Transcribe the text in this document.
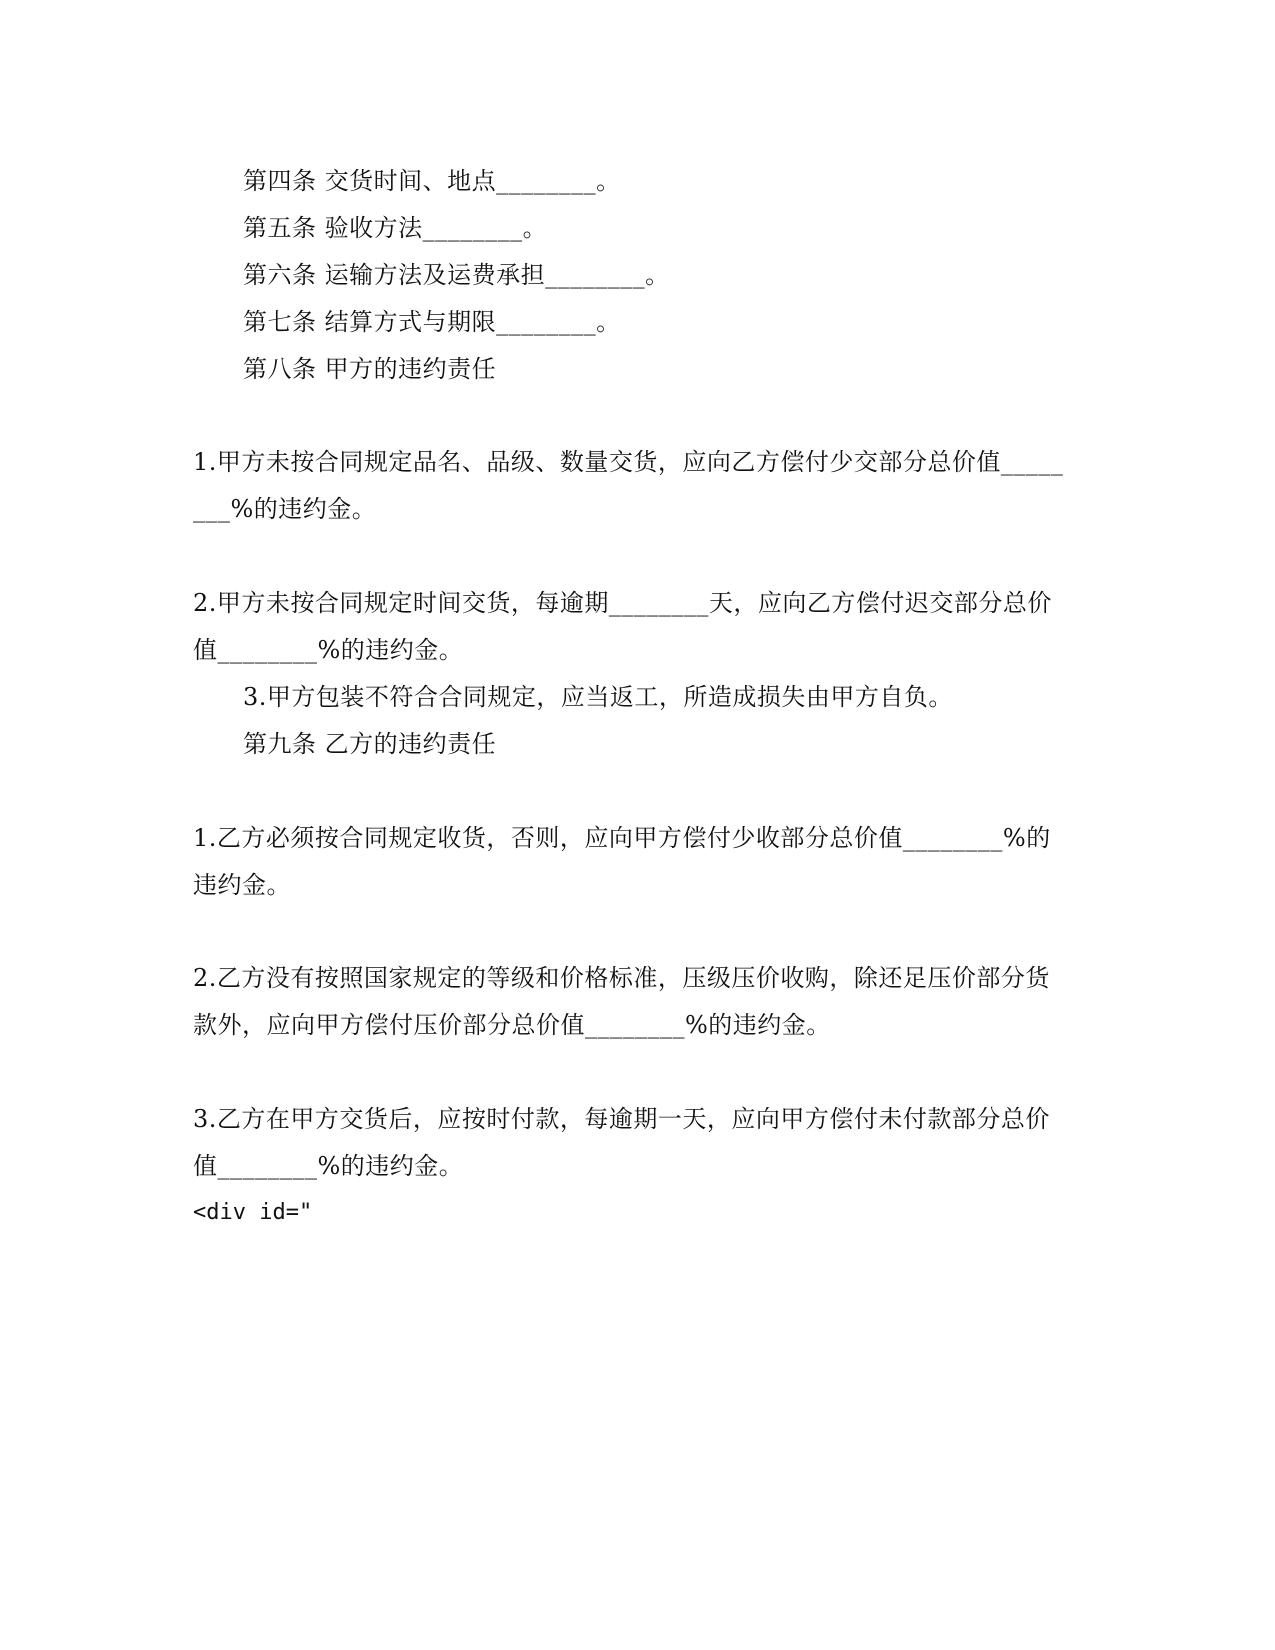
第四条 交货时间、地点________。
第五条 验收方法________。
第六条 运输方法及运费承担________。
第七条 结算方式与期限________。
第八条 甲方的违约责任
1.甲方未按合同规定品名、品级、数量交货，应向乙方偿付少交部分总价值_____
___%的违约金。
2.甲方未按合同规定时间交货，每逾期________天，应向乙方偿付迟交部分总价
值________%的违约金。
3.甲方包装不符合合同规定，应当返工，所造成损失由甲方自负。
第九条 乙方的违约责任
1.乙方必须按合同规定收货，否则，应向甲方偿付少收部分总价值________%的
违约金。
2.乙方没有按照国家规定的等级和价格标准，压级压价收购，除还足压价部分货
款外，应向甲方偿付压价部分总价值________%的违约金。
3.乙方在甲方交货后，应按时付款，每逾期一天，应向甲方偿付未付款部分总价
值________%的违约金。
<div id="
